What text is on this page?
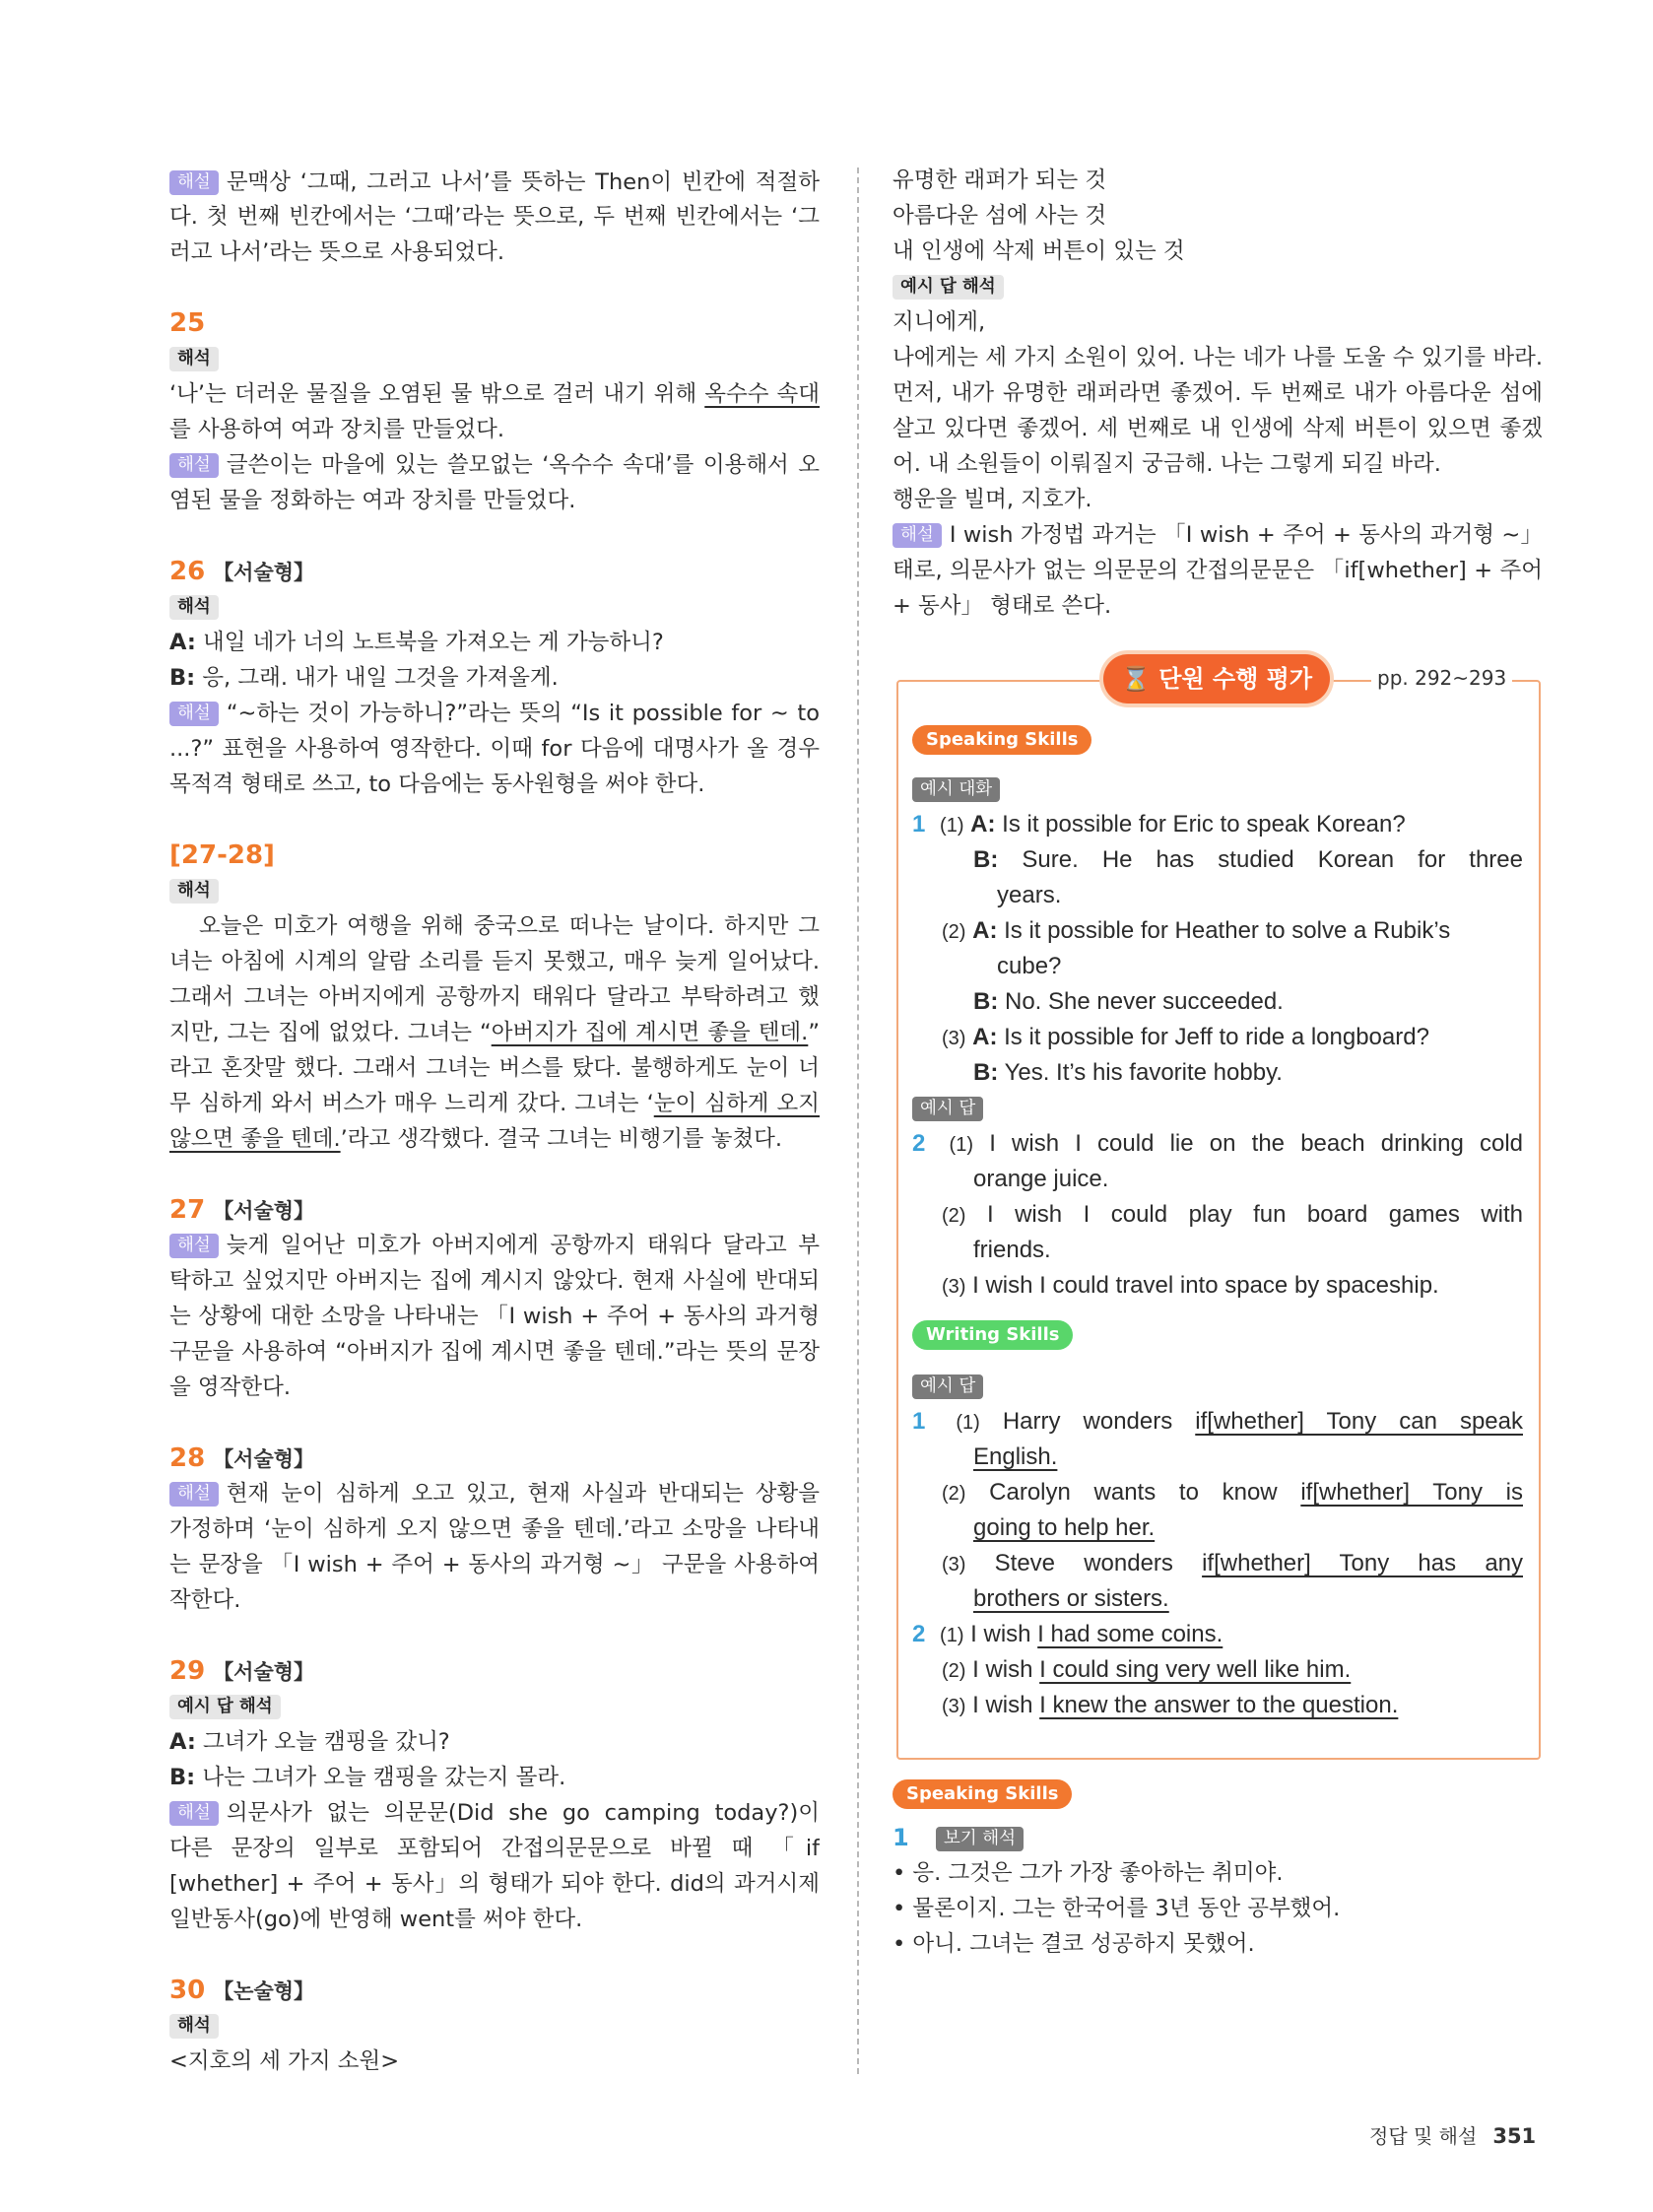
해설 문맥상 ‘그때, 그러고 나서’를 뜻하는 Then이 빈칸에 적절하
다. 첫 번째 빈칸에서는 ‘그때’라는 뜻으로, 두 번째 빈칸에서는 ‘그
러고 나서’라는 뜻으로 사용되었다.
25
해석
‘나’는 더러운 물질을 오염된 물 밖으로 걸러 내기 위해 옥수수 속대
를 사용하여 여과 장치를 만들었다.
해설 글쓴이는 마을에 있는 쓸모없는 ‘옥수수 속대’를 이용해서 오
염된 물을 정화하는 여과 장치를 만들었다.
26 【서술형】
해석
A: 내일 네가 너의 노트북을 가져오는 게 가능하니?
B: 응, 그래. 내가 내일 그것을 가져올게.
해설 “~하는 것이 가능하니?”라는 뜻의 “Is it possible for ~ to
...?” 표현을 사용하여 영작한다. 이때 for 다음에 대명사가 올 경우
목적격 형태로 쓰고, to 다음에는 동사원형을 써야 한다.
[27-28]
해석
오늘은 미호가 여행을 위해 중국으로 떠나는 날이다. 하지만 그
녀는 아침에 시계의 알람 소리를 듣지 못했고, 매우 늦게 일어났다.
그래서 그녀는 아버지에게 공항까지 태워다 달라고 부탁하려고 했
지만, 그는 집에 없었다. 그녀는 “아버지가 집에 계시면 좋을 텐데.”
라고 혼잣말 했다. 그래서 그녀는 버스를 탔다. 불행하게도 눈이 너
무 심하게 와서 버스가 매우 느리게 갔다. 그녀는 ‘눈이 심하게 오지
않으면 좋을 텐데.’라고 생각했다. 결국 그녀는 비행기를 놓쳤다.
27 【서술형】
해설 늦게 일어난 미호가 아버지에게 공항까지 태워다 달라고 부
탁하고 싶었지만 아버지는 집에 계시지 않았다. 현재 사실에 반대되
는 상황에 대한 소망을 나타내는 「I wish + 주어 + 동사의 과거형
구문을 사용하여 “아버지가 집에 계시면 좋을 텐데.”라는 뜻의 문장
을 영작한다.
28 【서술형】
해설 현재 눈이 심하게 오고 있고, 현재 사실과 반대되는 상황을
가정하며 ‘눈이 심하게 오지 않으면 좋을 텐데.’라고 소망을 나타내
는 문장을 「I wish + 주어 + 동사의 과거형 ~」 구문을 사용하여
작한다.
29 【서술형】
예시 답 해석
A: 그녀가 오늘 캠핑을 갔니?
B: 나는 그녀가 오늘 캠핑을 갔는지 몰라.
해설 의문사가 없는 의문문(Did she go camping today?)이
다른 문장의 일부로 포함되어 간접의문문으로 바뀔 때 「if
[whether] + 주어 + 동사」의 형태가 되야 한다. did의 과거시제
일반동사(go)에 반영해 went를 써야 한다.
30 【논술형】
해석
<지호의 세 가지 소원>
유명한 래퍼가 되는 것
아름다운 섬에 사는 것
내 인생에 삭제 버튼이 있는 것
예시 답 해석
지니에게,
나에게는 세 가지 소원이 있어. 나는 네가 나를 도울 수 있기를 바라.
먼저, 내가 유명한 래퍼라면 좋겠어. 두 번째로 내가 아름다운 섬에
살고 있다면 좋겠어. 세 번째로 내 인생에 삭제 버튼이 있으면 좋겠
어. 내 소원들이 이뤄질지 궁금해. 나는 그렇게 되길 바라.
행운을 빌며, 지호가.
해설 I wish 가정법 과거는 「I wish + 주어 + 동사의 과거형 ~」
태로, 의문사가 없는 의문문의 간접의문문은 「if[whether] + 주어
+ 동사」 형태로 쓴다.
⌛ 단원 수행 평가	pp. 292~293
Speaking Skills
예시 대화
1 (1) A: Is it possible for Eric to speak Korean?
B: Sure. He has studied Korean for three
years.
(2) A: Is it possible for Heather to solve a Rubik’s
cube?
B: No. She never succeeded.
(3) A: Is it possible for Jeff to ride a longboard?
B: Yes. It’s his favorite hobby.
예시 답
2 (1) I wish I could lie on the beach drinking cold
orange juice.
(2) I wish I could play fun board games with
friends.
(3) I wish I could travel into space by spaceship.
Writing Skills
예시 답
1 (1) Harry wonders if[whether] Tony can speak
English.
(2) Carolyn wants to know if[whether] Tony is
going to help her.
(3) Steve wonders if[whether] Tony has any
brothers or sisters.
2 (1) I wish I had some coins.
(2) I wish I could sing very well like him.
(3) I wish I knew the answer to the question.
Speaking Skills
1 보기 해석
• 응. 그것은 그가 가장 좋아하는 취미야.
• 물론이지. 그는 한국어를 3년 동안 공부했어.
• 아니. 그녀는 결코 성공하지 못했어.
정답 및 해설 351
